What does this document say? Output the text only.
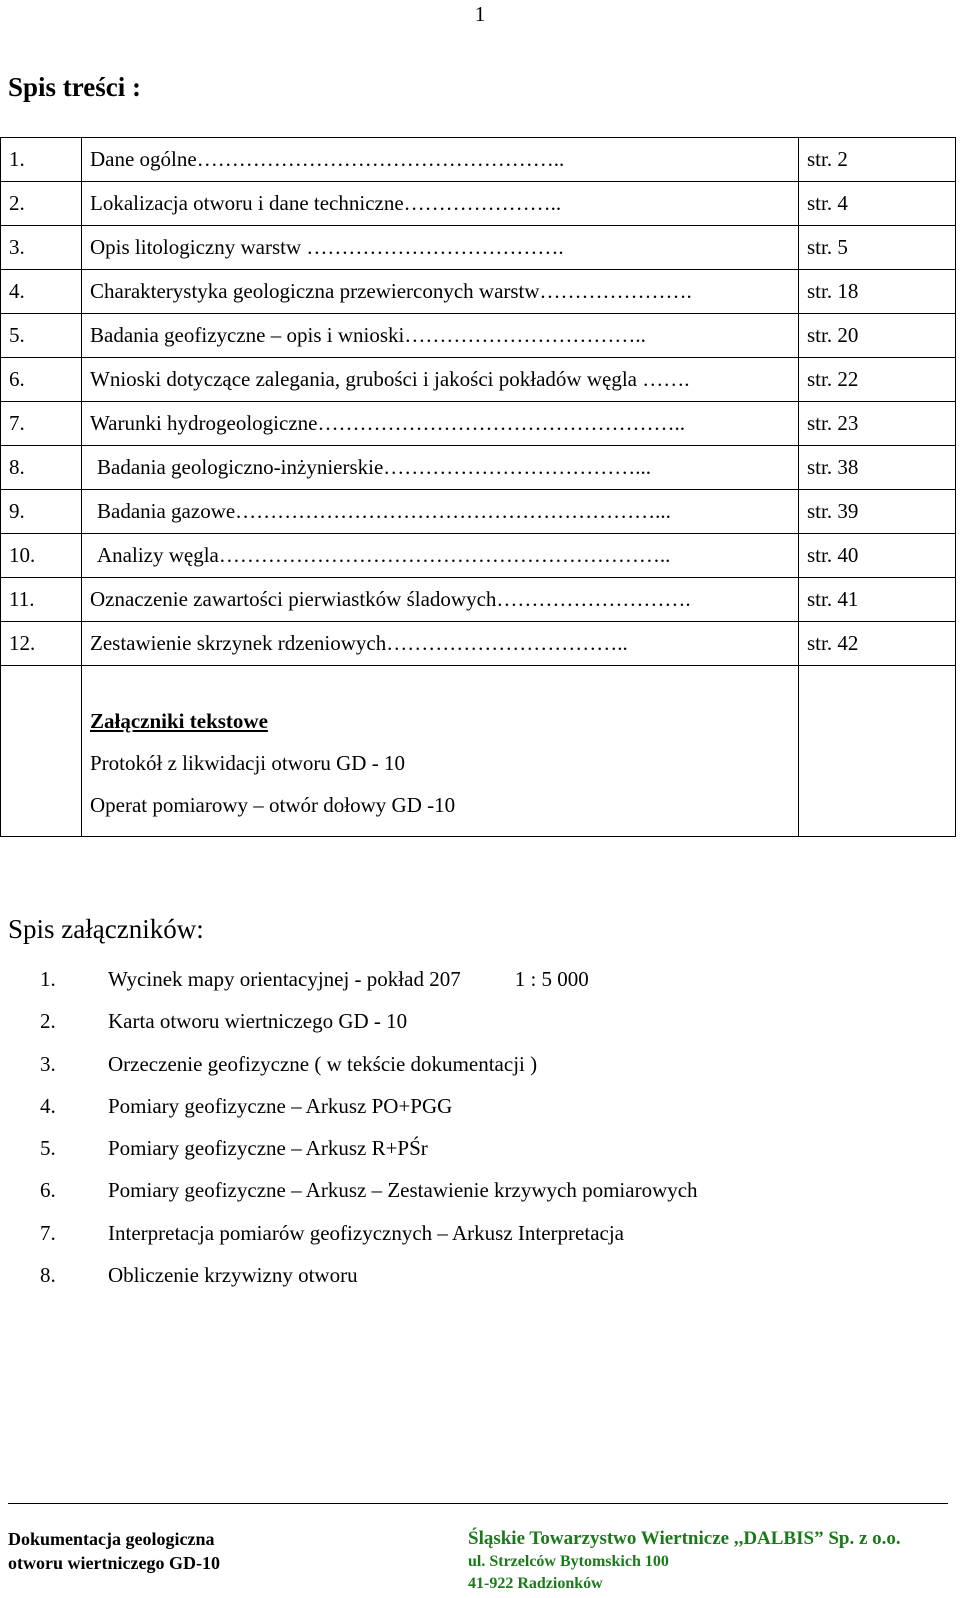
1
Spis treści :
1.	Dane ogólne……………………………………………..	str. 2
2.	Lokalizacja otworu i dane techniczne…………………..	str. 4
3.	Opis litologiczny warstw ……………………………….	str. 5
4.	Charakterystyka geologiczna przewierconych warstw………………….	str. 18
5.	Badania geofizyczne – opis i wnioski……………………………..	str. 20
6.	Wnioski dotyczące zalegania, grubości i jakości pokładów węgla …….	str. 22
7.	Warunki hydrogeologiczne……………………………………………..	str. 23
8.	Badania geologiczno-inżynierskie………………………………...	str. 38
9.	Badania gazowe……………………………………………………...	str. 39
10.	Analizy węgla………………………………………………………..	str. 40
11.	Oznaczenie zawartości pierwiastków śladowych……………………….	str. 41
12.	Zestawienie skrzynek rdzeniowych……………………………..	str. 42

	Załączniki tekstowe
Protokół z likwidacji otworu GD - 10
Operat pomiarowy – otwór dołowy GD -10	

Spis załączników:
1. Wycinek mapy orientacyjnej - pokład 207	1 : 5 000
2. Karta otworu wiertniczego GD - 10
3. Orzeczenie geofizyczne ( w tekście dokumentacji )
4. Pomiary geofizyczne – Arkusz PO+PGG
5. Pomiary geofizyczne – Arkusz R+PŚr
6. Pomiary geofizyczne – Arkusz – Zestawienie krzywych pomiarowych
7. Interpretacja pomiarów geofizycznych – Arkusz Interpretacja
8. Obliczenie krzywizny otworu
Dokumentacja geologiczna
otworu wiertniczego GD-10
Śląskie Towarzystwo Wiertnicze ,,DALBIS” Sp. z o.o.
ul. Strzelców Bytomskich 100
41-922 Radzionków
